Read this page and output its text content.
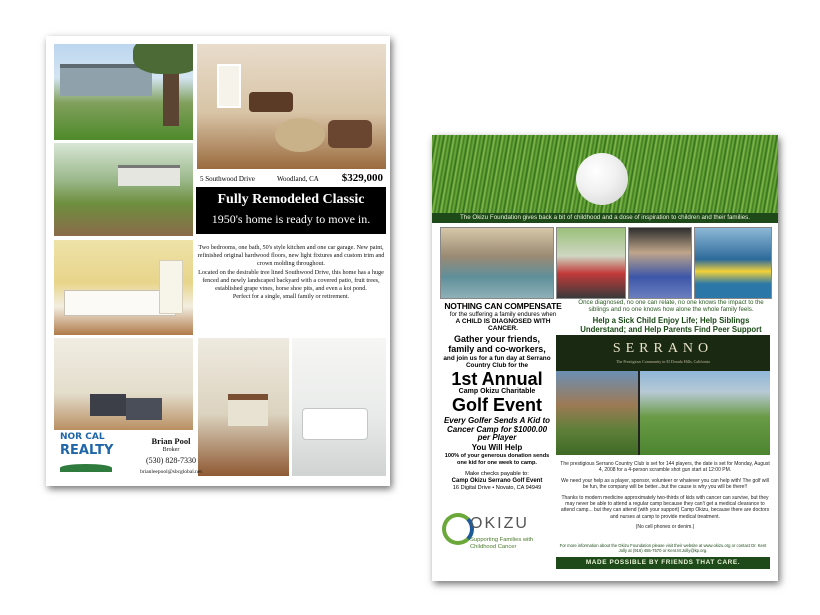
5 Southwood Drive	Woodland, CA $329,000
Fully Remodeled Classic
1950's home is ready to move in.

Two bedrooms, one bath, 50's style kitchen and one car garage. New paint, refinished original hardwood floors, new light fixtures and custom trim and crown molding throughout.

Located on the desirable tree lined Southwood Drive, this home has a huge fenced and newly landscaped backyard with a covered patio, fruit trees, established grape vines, horse shoe pits, and even a koi pond.

Perfect for a single, small family or retirement.

NOR CAL
REALTY
Brian Pool
Broker
(530) 828-7330
brianleepool@sbcglobal.net
The Okizu Foundation gives back a bit of childhood and a dose of inspiration to children and their families.
NOTHING CAN COMPENSATE
for the suffering a family endures when
A CHILD IS DIAGNOSED WITH CANCER.
Once diagnosed, no one can relate, no one knows the impact to the siblings and no one knows how alone the whole family feels.
Help a Sick Child Enjoy Life; Help Siblings Understand; and Help Parents Find Peer Support
Gather your friends, family and co-workers,
and join us for a fun day at Serrano Country Club for the
1st Annual
Camp Okizu Charitable
Golf Event
Every Golfer Sends A Kid to Cancer Camp for $1000.00 per Player
You Will Help
100% of your generous donation sends one kid for one week to camp.
Make checks payable to:
Camp Okizu Serrano Golf Event
16 Digital Drive • Novato, CA 94949
SERRANO
The Prestigious Community in El Dorado Hills, California

The prestigious Serrano Country Club is set for 144 players, the date is set for Monday, August 4, 2008 for a 4-person scramble shot gun start at 12:00 PM.

We need your help as a player, sponsor, volunteer or whatever you can help with! The golf will be fun, the company will be better...but the cause is why you will be there!!

Thanks to modern medicine approximately two-thirds of kids with cancer can survive, but they may never be able to attend a regular camp because they can't get a medical clearance to attend camp... but they can attend (with your support) Camp Okizu, because there are doctors and nurses at camp to provide medical treatment.

(No cell phones or denim.)

OKIZU
Supporting Families with Childhood Cancer	For more information about the Okizu Foundation please visit their website at www.okizu.org or contact Dr. Kent Jolly at (916) 455-7570 or Kent.M.Jolly@kp.org.
MADE POSSIBLE BY FRIENDS THAT CARE.
